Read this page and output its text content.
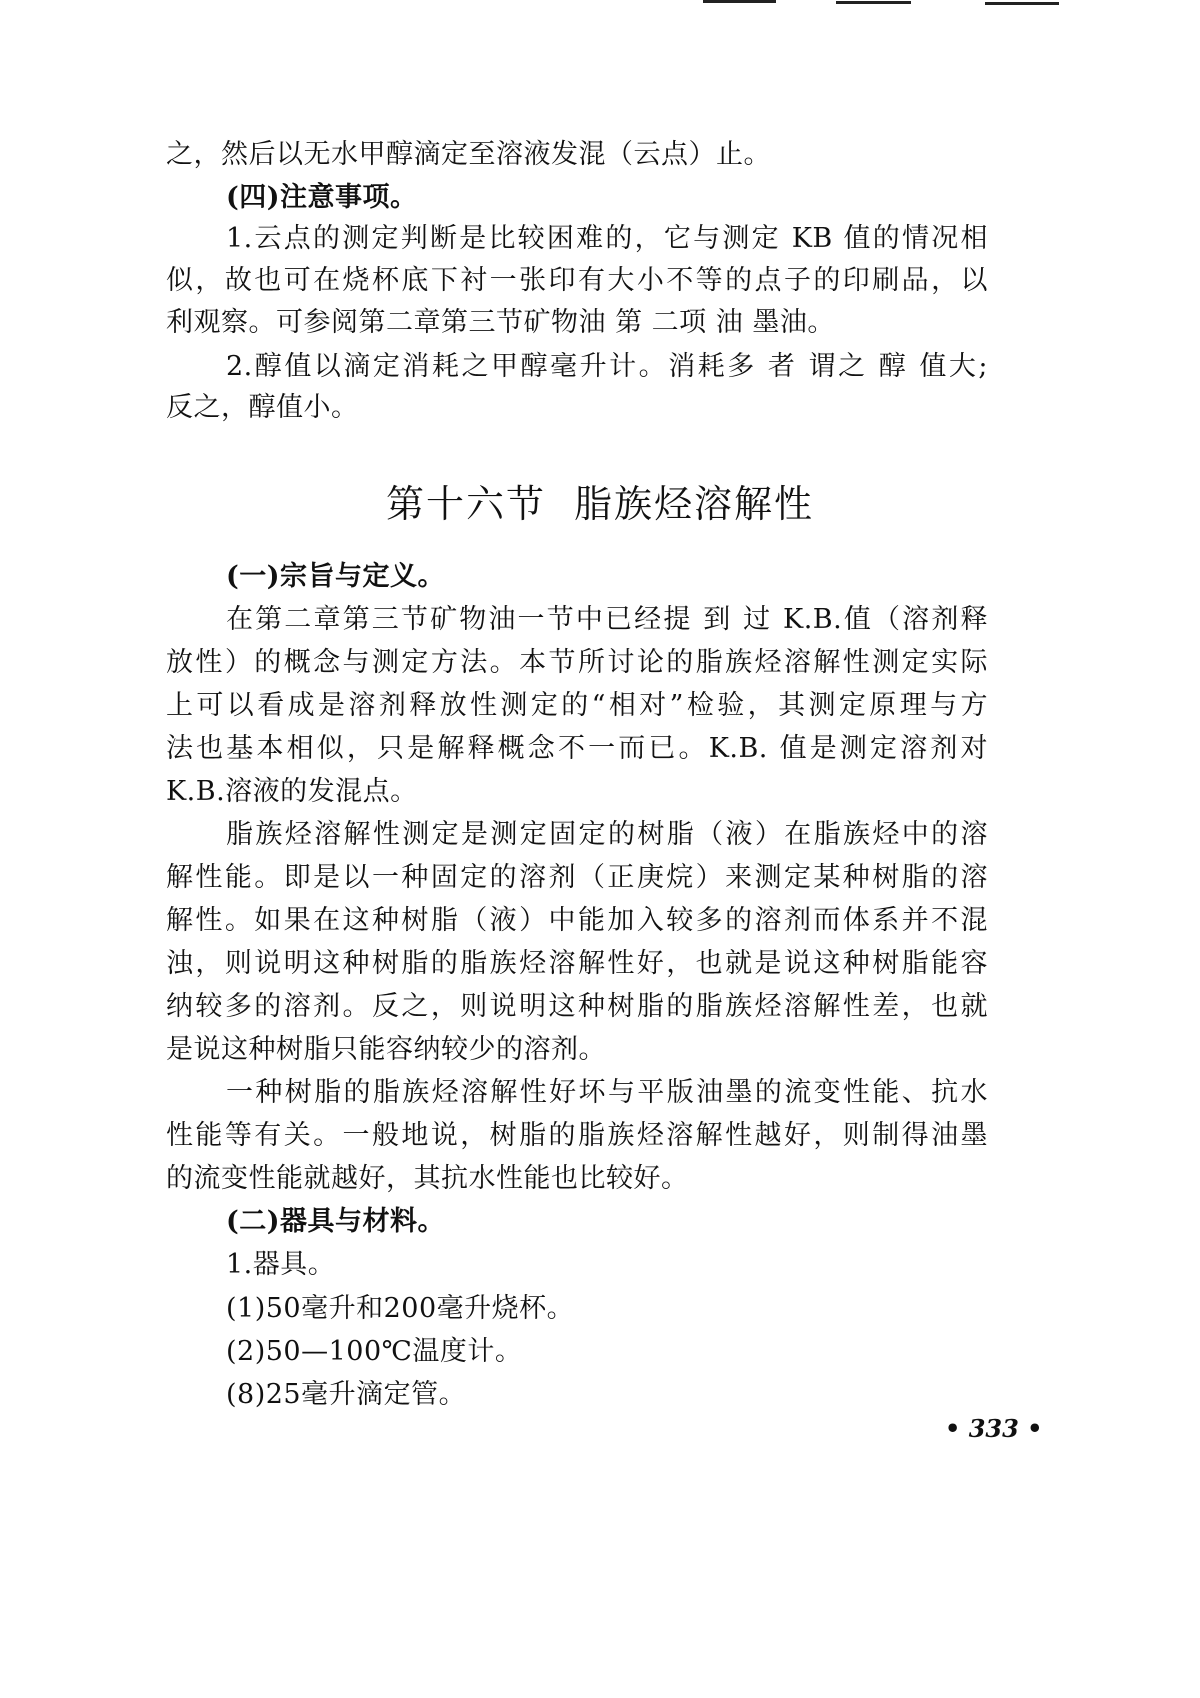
之，然后以无水甲醇滴定至溶液发混（云点）止。
(四)注意事项。
1.云点的测定判断是比较困难的，它与测定 KB 值的情况相
似，故也可在烧杯底下衬一张印有大小不等的点子的印刷品，以
利观察。可参阅第二章第三节矿物油 第 二项 油 墨油。
2.醇值以滴定消耗之甲醇毫升计。消耗多 者 谓之 醇 值大;
反之，醇值小。
第十六节 脂族烃溶解性
(一)宗旨与定义。
在第二章第三节矿物油一节中已经提 到 过 K.B.值（溶剂释
放性）的概念与测定方法。本节所讨论的脂族烃溶解性测定实际
上可以看成是溶剂释放性测定的“相对”检验，其测定原理与方
法也基本相似，只是解释概念不一而已。K.B. 值是测定溶剂对
K.B.溶液的发混点。
脂族烃溶解性测定是测定固定的树脂（液）在脂族烃中的溶
解性能。即是以一种固定的溶剂（正庚烷）来测定某种树脂的溶
解性。如果在这种树脂（液）中能加入较多的溶剂而体系并不混
浊，则说明这种树脂的脂族烃溶解性好，也就是说这种树脂能容
纳较多的溶剂。反之，则说明这种树脂的脂族烃溶解性差，也就
是说这种树脂只能容纳较少的溶剂。
一种树脂的脂族烃溶解性好坏与平版油墨的流变性能、抗水
性能等有关。一般地说，树脂的脂族烃溶解性越好，则制得油墨
的流变性能就越好，其抗水性能也比较好。
(二)器具与材料。
1.器具。
(1)50毫升和200毫升烧杯。
(2)50—100℃温度计。
(8)25毫升滴定管。
• 333 •
